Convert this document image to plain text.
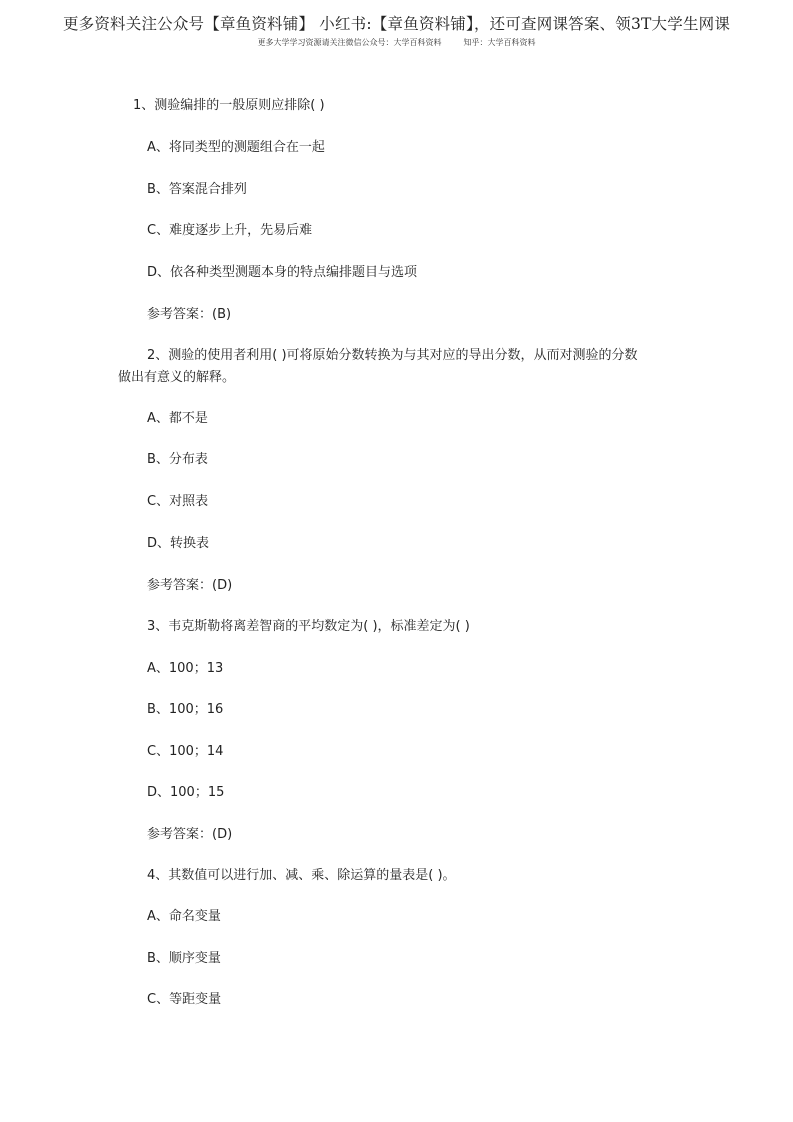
更多资料关注公众号【章鱼资料铺】 小红书:【章鱼资料铺】，还可查网课答案、领3T大学生网课
更多大学学习资源请关注微信公众号：大学百科资料	知乎：大学百科资料
1、测验编排的一般原则应排除( )
A、将同类型的测题组合在一起
B、答案混合排列
C、难度逐步上升，先易后难
D、依各种类型测题本身的特点编排题目与选项
参考答案：(B)
2、测验的使用者利用( )可将原始分数转换为与其对应的导出分数，从而对测验的分数
做出有意义的解释。
A、都不是
B、分布表
C、对照表
D、转换表
参考答案：(D)
3、韦克斯勒将离差智商的平均数定为( )，标准差定为( )
A、100；13
B、100；16
C、100；14
D、100；15
参考答案：(D)
4、其数值可以进行加、减、乘、除运算的量表是( )。
A、命名变量
B、顺序变量
C、等距变量
